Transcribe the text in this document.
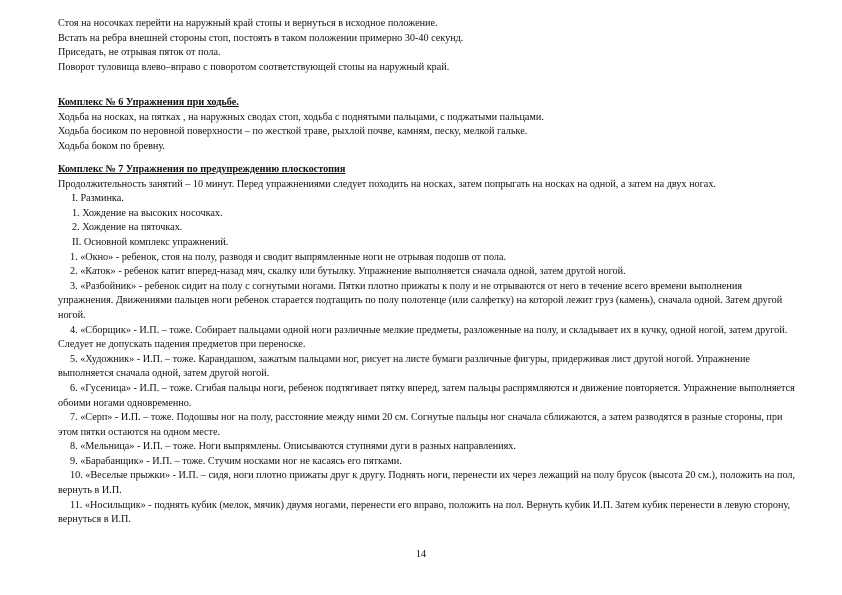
Стоя на носочках перейти на наружный край стопы и вернуться в исходное положение.
Встать на ребра внешней стороны стоп, постоять в таком положении примерно 30-40 секунд.
Приседать, не отрывая пяток от пола.
Поворот туловища влево–вправо с поворотом соответствующей стопы на наружный край.
Комплекс № 6 Упражнения при ходьбе.
Ходьба на носках, на пятках , на наружных сводах стоп, ходьба с поднятыми пальцами, с поджатыми пальцами.
Ходьба босиком по неровной поверхности – по жесткой траве, рыхлой почве, камням, песку, мелкой гальке.
Ходьба боком по бревну.
Комплекс № 7 Упражнения по предупреждению плоскостопия
Продолжительность занятий – 10 минут. Перед упражнениями следует походить на носках, затем попрыгать на носках на одной, а затем на двух ногах.
I. Разминка.
1. Хождение на высоких носочках.
2. Хождение на пяточках.
II. Основной комплекс упражнений.
1. «Окно» - ребенок, стоя на полу, разводя и сводит выпрямленные ноги не отрывая подошв от пола.
2. «Каток» - ребенок катит вперед-назад мяч, скалку или бутылку. Упражнение выполняется сначала одной, затем другой ногой.
3. «Разбойник» - ребенок сидит на полу с согнутыми ногами. Пятки плотно прижаты к полу и не отрываются от него в течение всего времени выполнения упражнения. Движениями пальцев ноги ребенок старается подтащить по полу полотенце (или салфетку) на которой лежит груз (камень), сначала одной. Затем другой ногой.
4. «Сборщик» - И.П. – тоже. Собирает пальцами одной ноги различные мелкие предметы, разложенные на полу, и складывает их в кучку, одной ногой, затем другой. Следует не допускать падения предметов при переноске.
5. «Художник» - И.П. – тоже. Карандашом, зажатым пальцами ног, рисует на листе бумаги различные фигуры, придерживая лист другой ногой. Упражнение выполняется сначала одной, затем другой ногой.
6. «Гусеница» - И.П. – тоже. Сгибая пальцы ноги, ребенок подтягивает пятку вперед, затем пальцы распрямляются и движение повторяется. Упражнение выполняется обоими ногами одновременно.
7. «Серп» - И.П. – тоже. Подошвы ног на полу, расстояние между ними 20 см. Согнутые пальцы ног сначала сближаются, а затем разводятся в разные стороны, при этом пятки остаются на одном месте.
8. «Мельница» - И.П. – тоже. Ноги выпрямлены. Описываются ступнями дуги в разных направлениях.
9. «Барабанщик» - И.П. – тоже. Стучим носками ног не касаясь его пятками.
10. «Веселые прыжки» - И.П. – сидя, ноги плотно прижаты друг к другу. Поднять ноги, перенести их через лежащий на полу брусок (высота 20 см.), положить на пол, вернуть в И.П.
11. «Носильщик» - поднять кубик (мелок, мячик) двумя ногами, перенести его вправо, положить на пол. Вернуть кубик И.П. Затем кубик перенести в левую сторону, вернуться в И.П.
14
